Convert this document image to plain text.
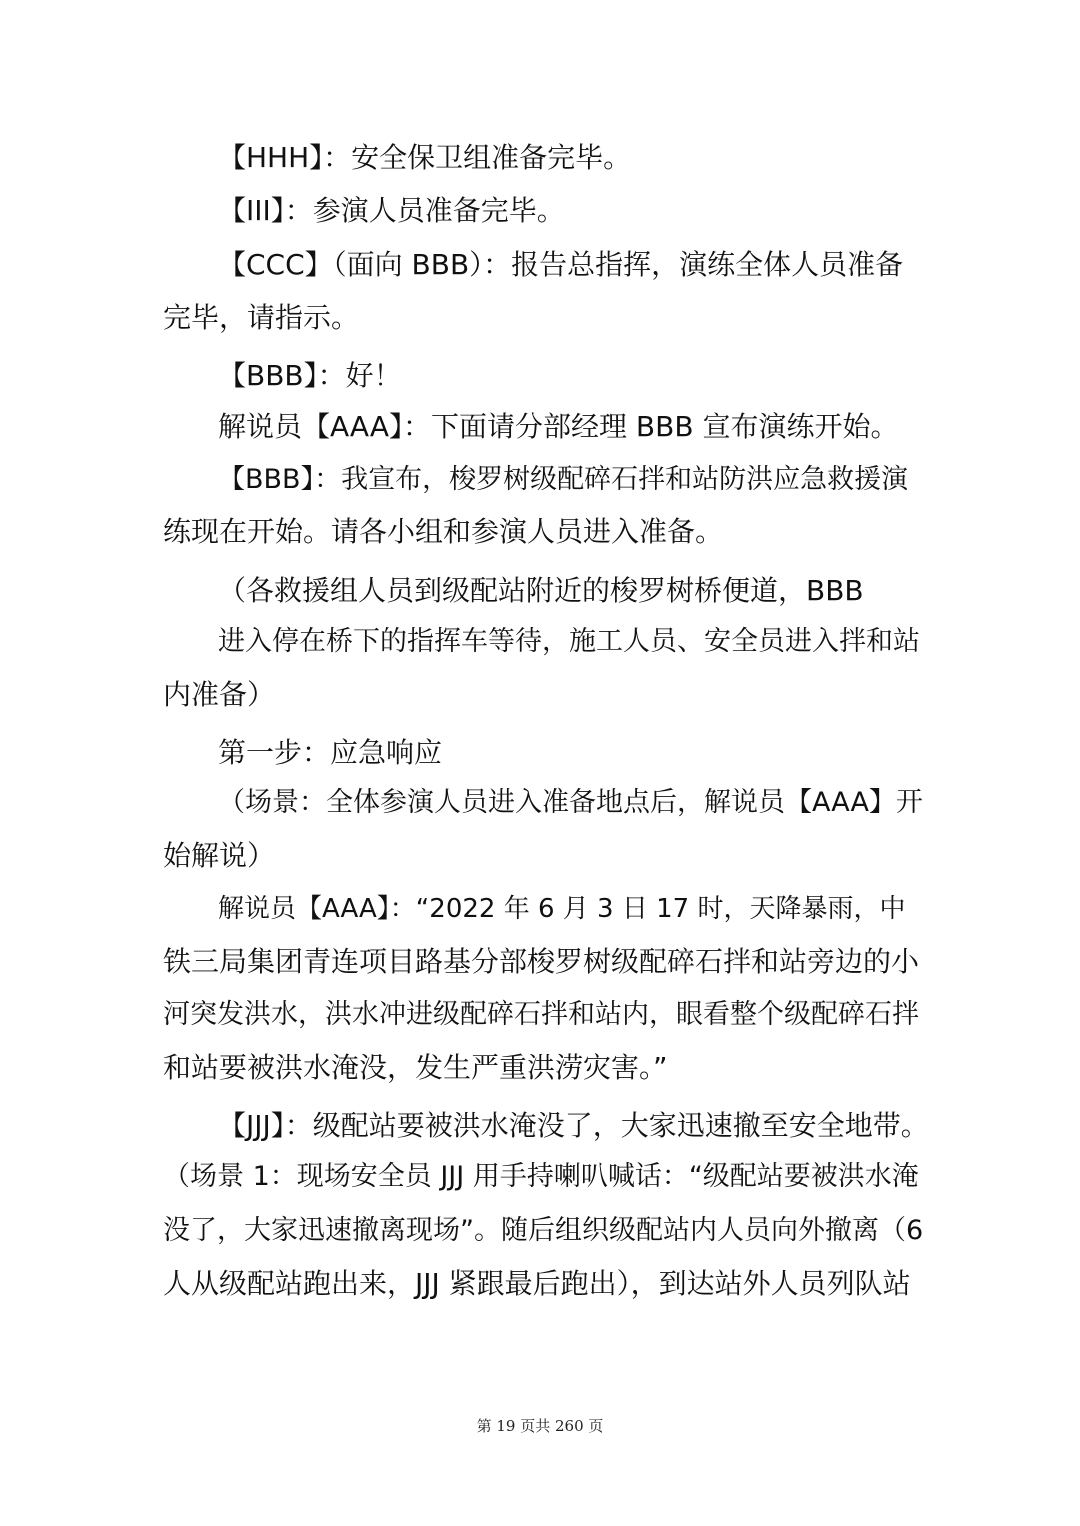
【HHH】：安全保卫组准备完毕。
【III】：参演人员准备完毕。
【CCC】（面向 BBB）：报告总指挥，演练全体人员准备
完毕，请指示。
【BBB】：好！
解说员【AAA】：下面请分部经理 BBB 宣布演练开始。
【BBB】：我宣布，梭罗树级配碎石拌和站防洪应急救援演
练现在开始。请各小组和参演人员进入准备。
（各救援组人员到级配站附近的梭罗树桥便道，BBB
进入停在桥下的指挥车等待，施工人员、安全员进入拌和站
内准备）
第一步：应急响应
（场景：全体参演人员进入准备地点后，解说员【AAA】开
始解说）
解说员【AAA】：“2022 年 6 月 3 日 17 时，天降暴雨，中
铁三局集团青连项目路基分部梭罗树级配碎石拌和站旁边的小
河突发洪水，洪水冲进级配碎石拌和站内，眼看整个级配碎石拌
和站要被洪水淹没，发生严重洪涝灾害。”
【JJJ】：级配站要被洪水淹没了，大家迅速撤至安全地带。
（场景 1：现场安全员 JJJ 用手持喇叭喊话：“级配站要被洪水淹
没了，大家迅速撤离现场”。随后组织级配站内人员向外撤离（6
人从级配站跑出来，JJJ 紧跟最后跑出），到达站外人员列队站
第 19 页共 260 页
